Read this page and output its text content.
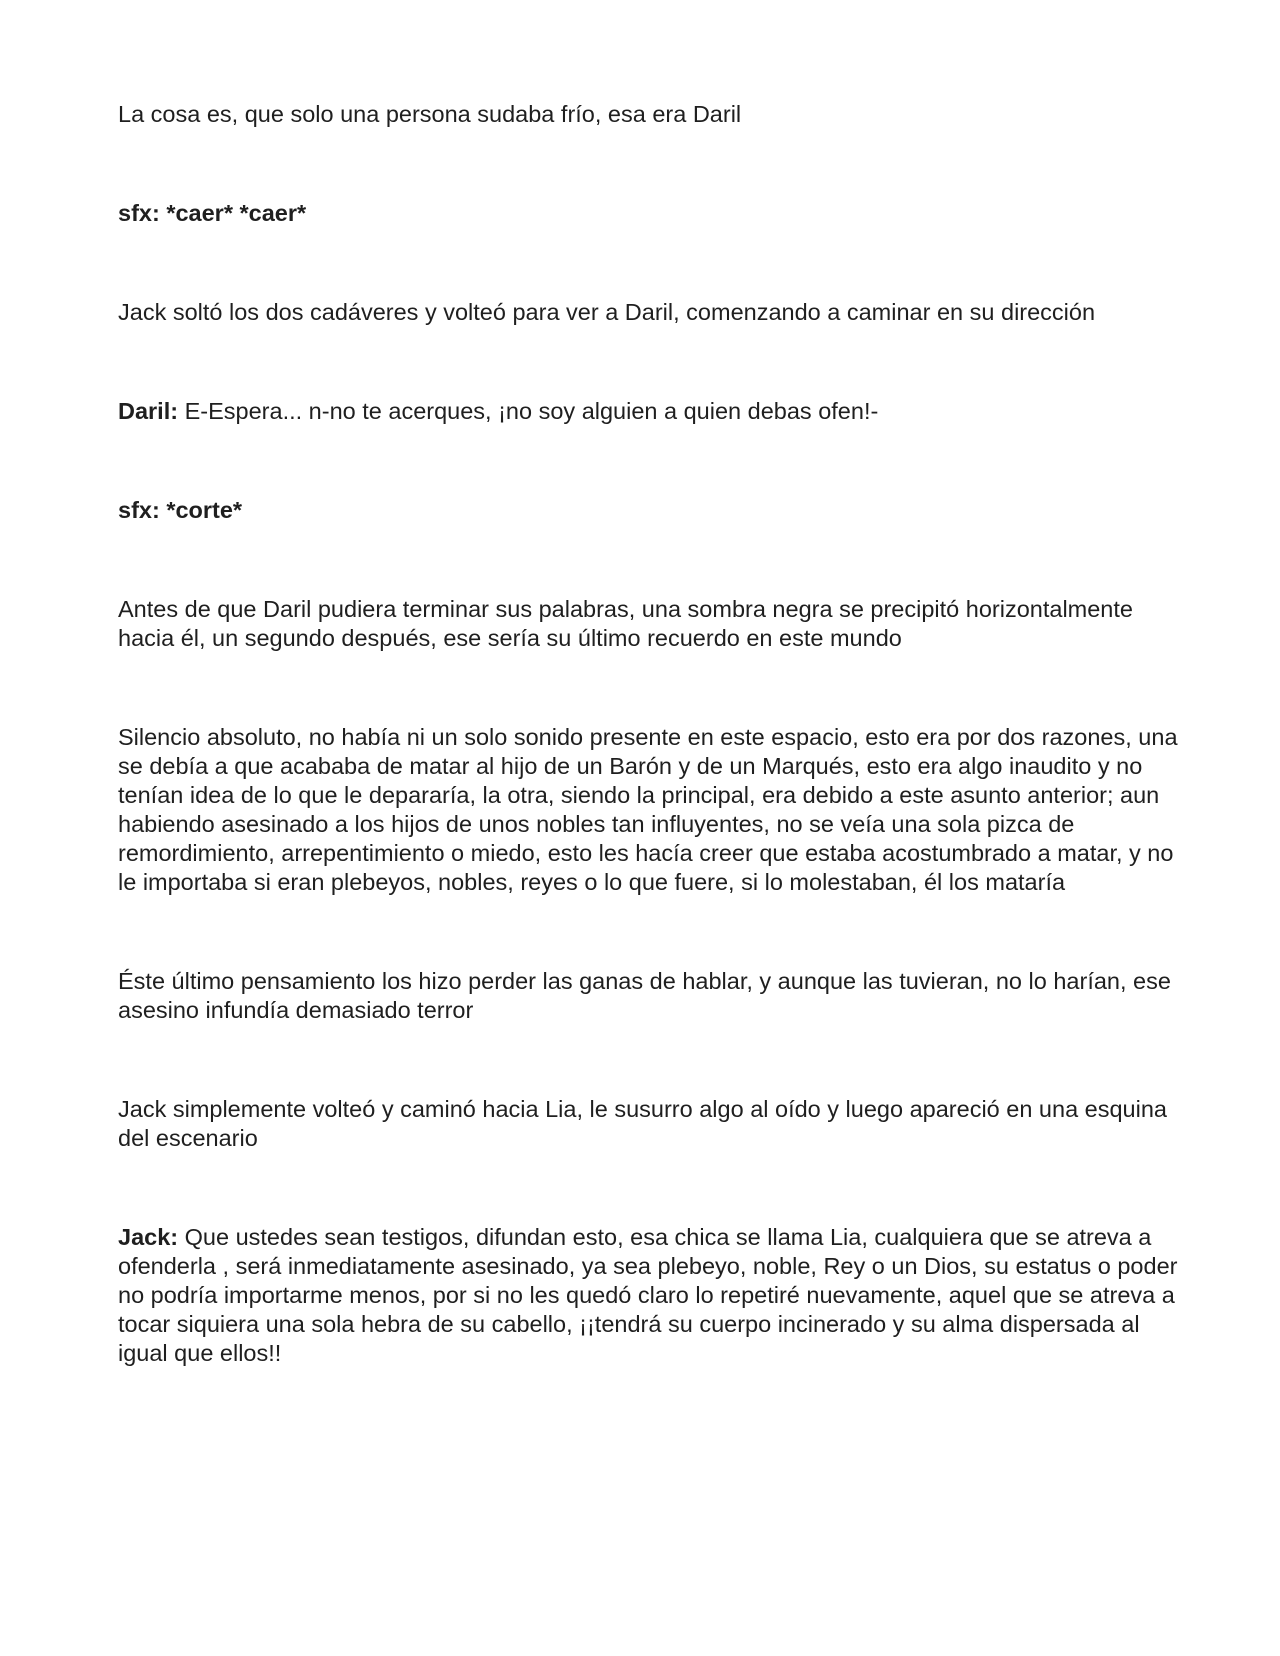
La cosa es, que solo una persona sudaba frío, esa era Daril

sfx: *caer* *caer*

Jack soltó los dos cadáveres y volteó para ver a Daril, comenzando a caminar en su dirección

Daril: E-Espera... n-no te acerques, ¡no soy alguien a quien debas ofen!-

sfx: *corte*

Antes de que Daril pudiera terminar sus palabras, una sombra negra se precipitó horizontalmente hacia él, un segundo después, ese sería su último recuerdo en este mundo

Silencio absoluto, no había ni un solo sonido presente en este espacio, esto era por dos razones, una se debía a que acababa de matar al hijo de un Barón y de un Marqués, esto era algo inaudito y no tenían idea de lo que le depararía, la otra, siendo la principal, era debido a este asunto anterior; aun habiendo asesinado a los hijos de unos nobles tan influyentes, no se veía una sola pizca de remordimiento, arrepentimiento o miedo, esto les hacía creer que estaba acostumbrado a matar, y no le importaba si eran plebeyos, nobles, reyes o lo que fuere, si lo molestaban, él los mataría

Éste último pensamiento los hizo perder las ganas de hablar, y aunque las tuvieran, no lo harían, ese asesino infundía demasiado terror

Jack simplemente volteó y caminó hacia Lia, le susurro algo al oído y luego apareció en una esquina del escenario

Jack: Que ustedes sean testigos, difundan esto, esa chica se llama Lia, cualquiera que se atreva a ofenderla , será inmediatamente asesinado, ya sea plebeyo, noble, Rey o un Dios, su estatus o poder no podría importarme menos, por si no les quedó claro lo repetiré nuevamente, aquel que se atreva a tocar siquiera una sola hebra de su cabello, ¡¡tendrá su cuerpo incinerado y su alma dispersada al igual que ellos!!
